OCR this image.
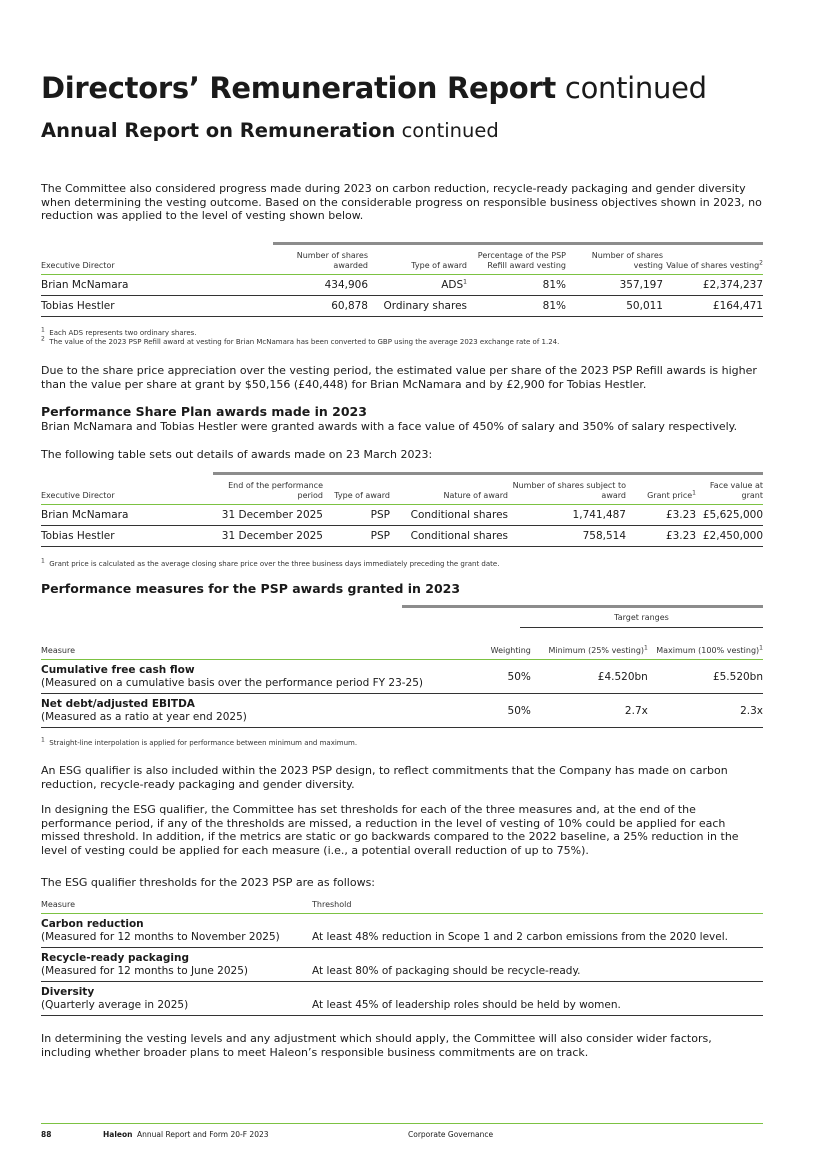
Directors’ Remuneration Report continued
Annual Report on Remuneration continued

The Committee also considered progress made during 2023 on carbon reduction, recycle-ready packaging and gender diversity when determining the vesting outcome. Based on the considerable progress on responsible business objectives shown in 2023, no reduction was applied to the level of vesting shown below.

Executive Director	Number of shares awarded	Type of award	Percentage of the PSP Refill award vesting	Number of shares vesting	Value of shares vesting$^2$
Brian McNamara	434,906	ADS$^1$	81%	357,197	£2,374,237
Tobias Hestler	60,878	Ordinary shares	81%	50,011	£164,471
$^1$ Each ADS represents two ordinary shares.
$^2$ The value of the 2023 PSP Refill award at vesting for Brian McNamara has been converted to GBP using the average 2023 exchange rate of 1.24.

Due to the share price appreciation over the vesting period, the estimated value per share of the 2023 PSP Refill awards is higher than the value per share at grant by $50,156 (£40,448) for Brian McNamara and by £2,900 for Tobias Hestler.

Performance Share Plan awards made in 2023

Brian McNamara and Tobias Hestler were granted awards with a face value of 450% of salary and 350% of salary respectively.

The following table sets out details of awards made on 23 March 2023:

Executive Director	End of the performance period	Type of award	Nature of award	Number of shares subject to award	Grant price$^1$	Face value at grant
Brian McNamara	31 December 2025	PSP	Conditional shares	1,741,487	£3.23	£5,625,000
Tobias Hestler	31 December 2025	PSP	Conditional shares	758,514	£3.23	£2,450,000
$^1$ Grant price is calculated as the average closing share price over the three business days immediately preceding the grant date.
Performance measures for the PSP awards granted in 2023
Target ranges
Measure	Weighting	Minimum (25% vesting)$^1$	Maximum (100% vesting)$^1$

Cumulative free cash flow
(Measured on a cumulative basis over the performance period FY 23-25)	50%	£4.520bn	£5.520bn

Net debt/adjusted EBITDA
(Measured as a ratio at year end 2025)	50%	2.7x	2.3x
$^1$ Straight-line interpolation is applied for performance between minimum and maximum.

An ESG qualifier is also included within the 2023 PSP design, to reflect commitments that the Company has made on carbon reduction, recycle-ready packaging and gender diversity.

In designing the ESG qualifier, the Committee has set thresholds for each of the three measures and, at the end of the performance period, if any of the thresholds are missed, a reduction in the level of vesting of 10% could be applied for each missed threshold. In addition, if the metrics are static or go backwards compared to the 2022 baseline, a 25% reduction in the level of vesting could be applied for each measure (i.e., a potential overall reduction of up to 75%).

The ESG qualifier thresholds for the 2023 PSP are as follows:

Measure	Threshold

Carbon reduction
(Measured for 12 months to November 2025)	At least 48% reduction in Scope 1 and 2 carbon emissions from the 2020 level.

Recycle-ready packaging
(Measured for 12 months to June 2025)	At least 80% of packaging should be recycle-ready.

Diversity
(Quarterly average in 2025)	At least 45% of leadership roles should be held by women.

In determining the vesting levels and any adjustment which should apply, the Committee will also consider wider factors, including whether broader plans to meet Haleon’s responsible business commitments are on track.

88	Haleon Annual Report and Form 20-F 2023	Corporate Governance
